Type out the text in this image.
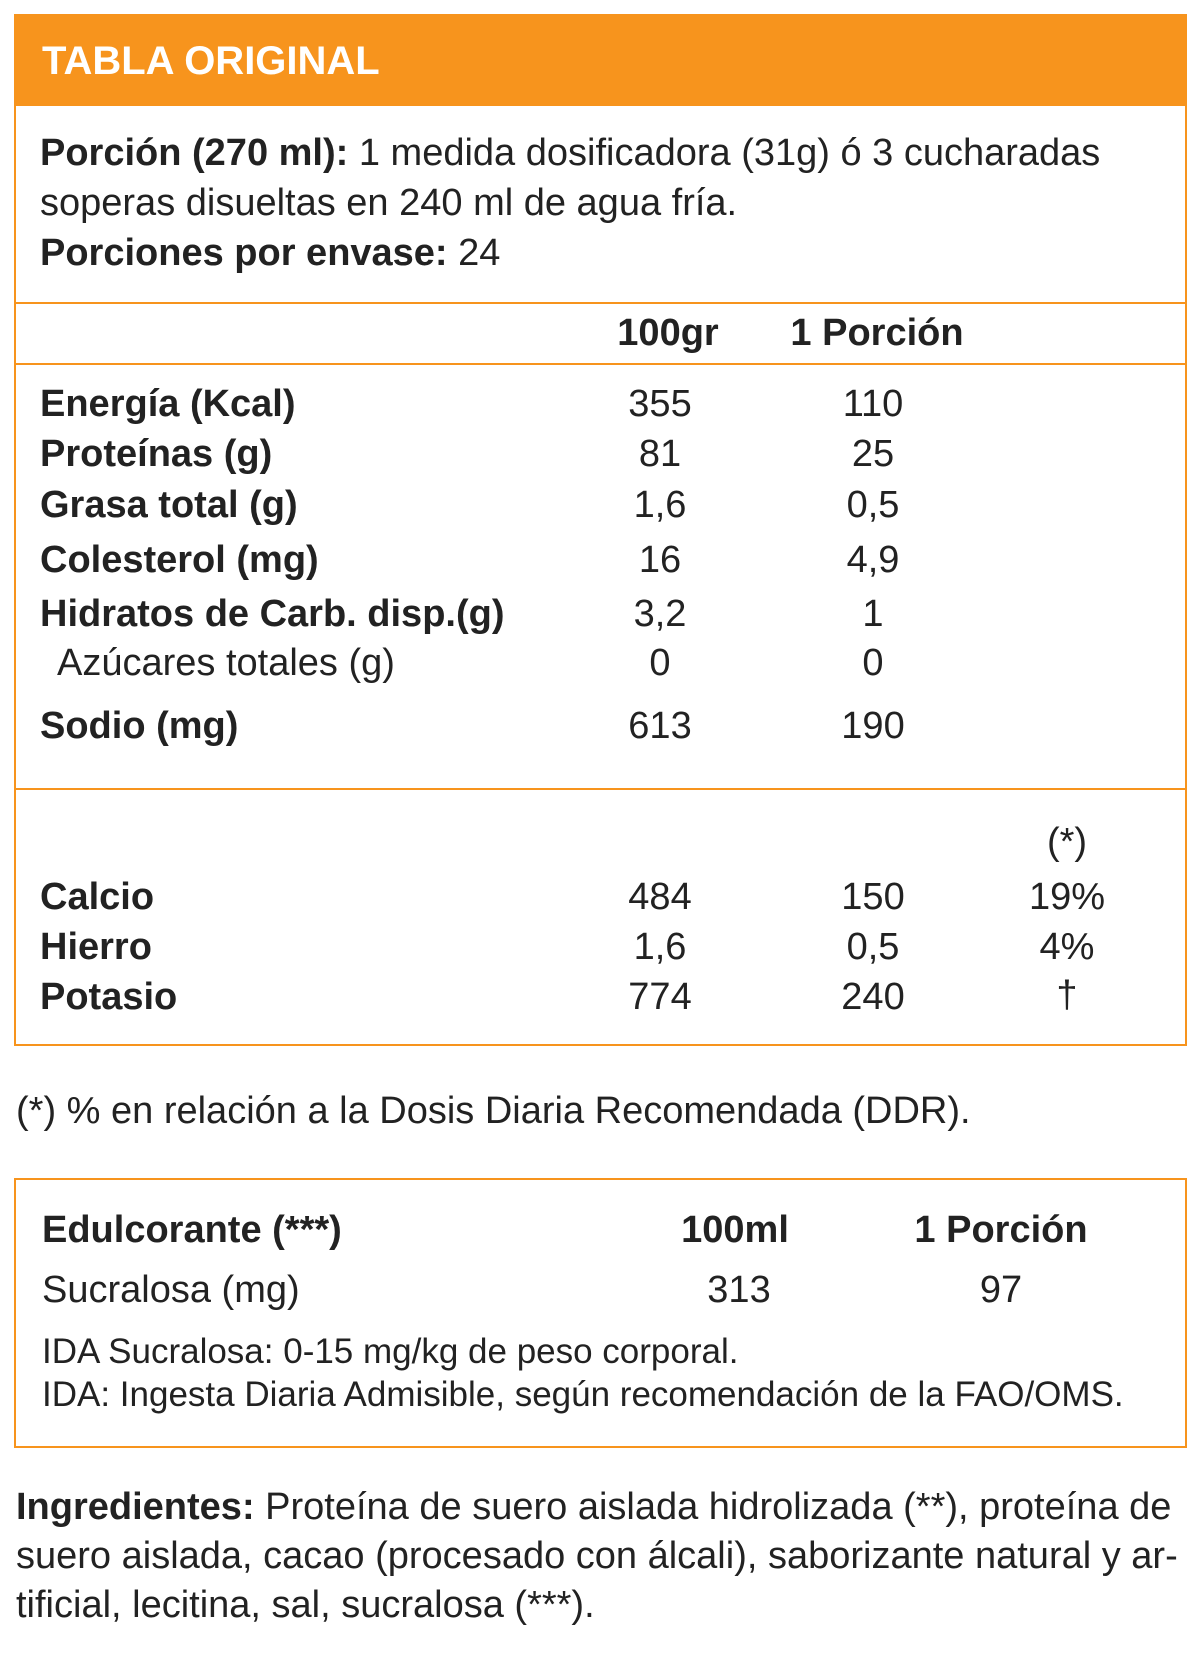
TABLA ORIGINAL
Porción (270 ml): 1 medida dosificadora (31g) ó 3 cucharadas
soperas disueltas en 240 ml de agua fría.
Porciones por envase: 24
100gr 1 Porción
Energía (Kcal)	355	110
Proteínas (g)	81	25
Grasa total (g)	1,6	0,5
Colesterol (mg)	16	4,9
Hidratos de Carb. disp.(g)	3,2	1
Azúcares totales (g)	0	0
Sodio (mg)	613	190
(*)
Calcio	484	150	19%
Hierro	1,6	0,5	4%
Potasio	774	240	†
(*) % en relación a la Dosis Diaria Recomendada (DDR).
Edulcorante (***)	100ml	1 Porción
Sucralosa (mg)	313	97
IDA Sucralosa: 0-15 mg/kg de peso corporal.
IDA: Ingesta Diaria Admisible, según recomendación de la FAO/OMS.
Ingredientes: Proteína de suero aislada hidrolizada (**), proteína de
suero aislada, cacao (procesado con álcali), saborizante natural y ar-
tificial, lecitina, sal, sucralosa (***).
